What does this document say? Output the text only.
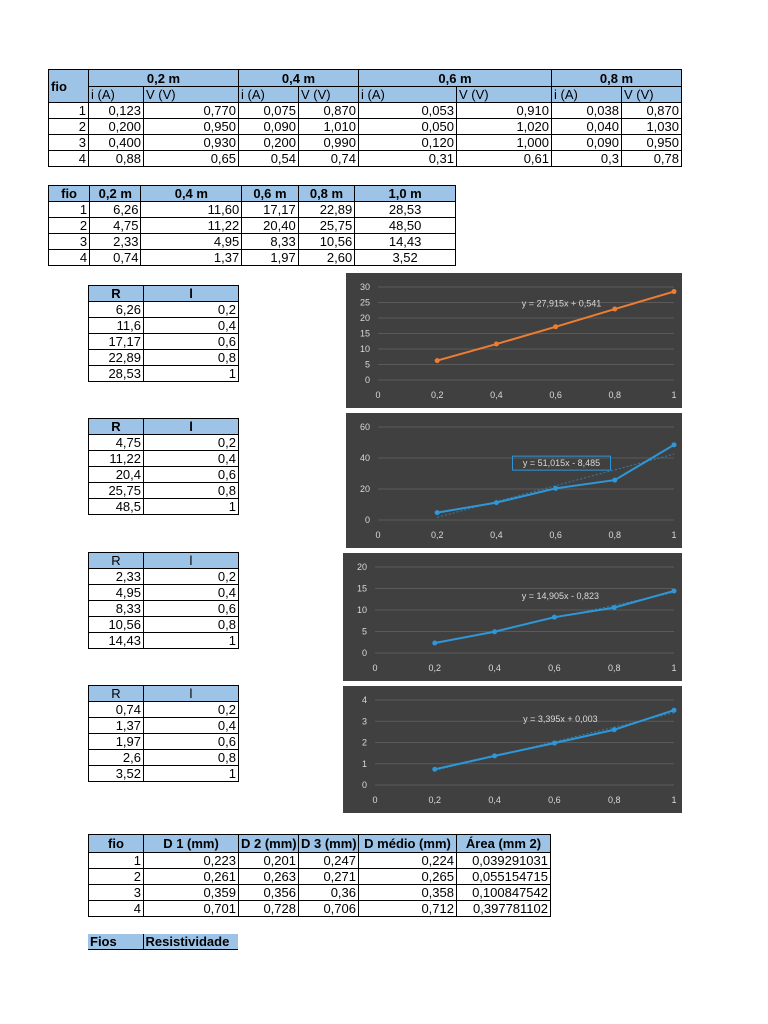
fio	0,2 m		0,4 m		0,6 m		0,8 m	
	i (A)	V (V)	i (A)	V (V)	i (A)	V (V)	i (A)	V (V)
1	0,123	0,770	0,075	0,870	0,053	0,910	0,038	0,870
2	0,200	0,950	0,090	1,010	0,050	1,020	0,040	1,030
3	0,400	0,930	0,200	0,990	0,120	1,000	0,090	0,950
4	0,88	0,65	0,54	0,74	0,31	0,61	0,3	0,78
fio	0,2 m	0,4 m	0,6 m	0,8 m	1,0 m
1	6,26	11,60	17,17	22,89	28,53
2	4,75	11,22	20,40	25,75	48,50
3	2,33	4,95	8,33	10,56	14,43
4	0,74	1,37	1,97	2,60	3,52
R	l
6,26	0,2
11,6	0,4
17,17	0,6
22,89	0,8
28,53	1
R	l
4,75	0,2
11,22	0,4
20,4	0,6
25,75	0,8
48,5	1
R	l
2,33	0,2
4,95	0,4
8,33	0,6
10,56	0,8
14,43	1
R	l
0,74	0,2
1,37	0,4
1,97	0,6
2,6	0,8
3,52	1
0
5
10
15
20
25
30
0	0,2	0,4	0,6	0,8	1
y = 27,915x + 0,541
0
20
40
60
0	0,2	0,4	0,6	0,8	1
y = 51,015x - 8,485
0
5
10
15
20
0	0,2	0,4	0,6	0,8	1
y = 14,905x - 0,823
0
1
2
3
4
0	0,2	0,4	0,6	0,8	1
y = 3,395x + 0,003
fio	D 1 (mm)	D 2 (mm)	D 3 (mm)	D médio (mm)	Área (mm 2)
1	0,223	0,201	0,247	0,224	0,039291031
2	0,261	0,263	0,271	0,265	0,055154715
3	0,359	0,356	0,36	0,358	0,100847542
4	0,701	0,728	0,706	0,712	0,397781102
Fios	Resistividade
